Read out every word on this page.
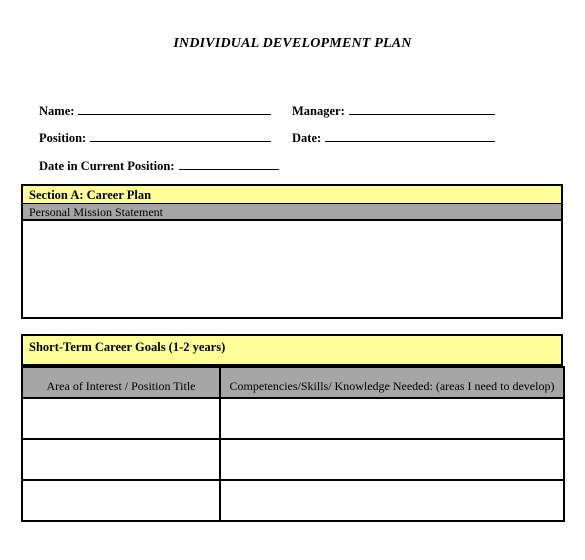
INDIVIDUAL DEVELOPMENT PLAN
Name:	Manager:
Position:	Date:
Date in Current Position:
Section A: Career Plan
Personal Mission Statement
Short-Term Career Goals (1-2 years)
Area of Interest / Position Title	Competencies/Skills/ Knowledge Needed: (areas I need to develop)
